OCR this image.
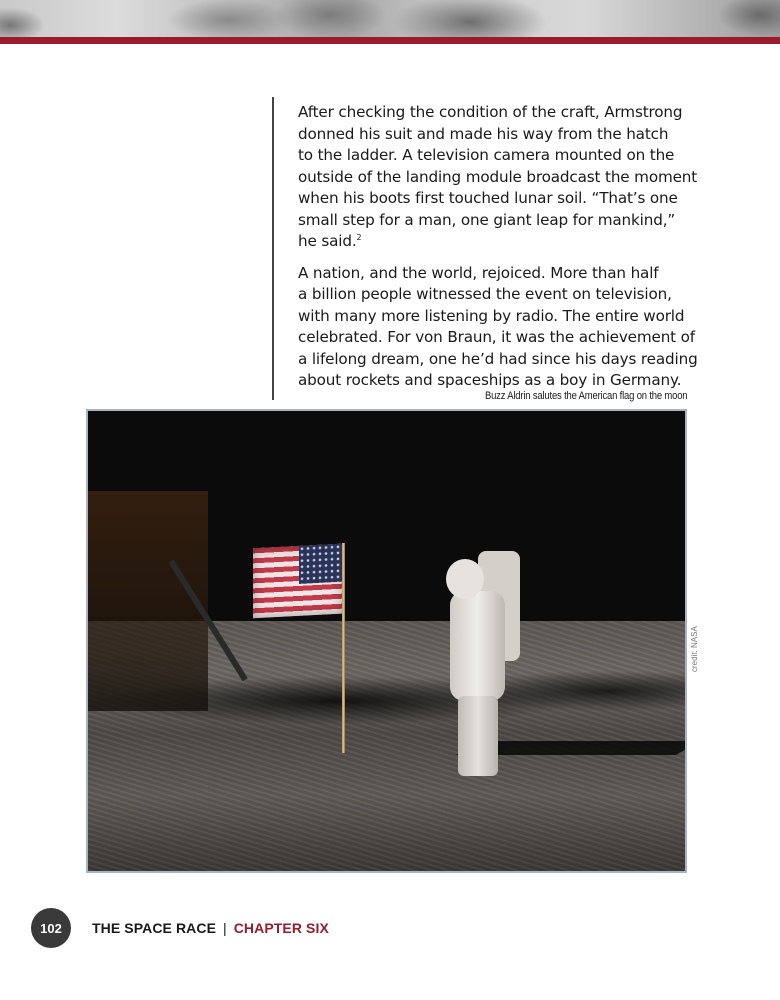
After checking the condition of the craft, Armstrong
donned his suit and made his way from the hatch
to the ladder. A television camera mounted on the
outside of the landing module broadcast the moment
when his boots first touched lunar soil. “That’s one
small step for a man, one giant leap for mankind,”
he said.$^2$

A nation, and the world, rejoiced. More than half
a billion people witnessed the event on television,
with many more listening by radio. The entire world
celebrated. For von Braun, it was the achievement of
a lifelong dream, one he’d had since his days reading
about rockets and spaceships as a boy in Germany.

Buzz Aldrin salutes the American flag on the moon
credit: NASA
102	THE SPACE RACE | CHAPTER SIX
